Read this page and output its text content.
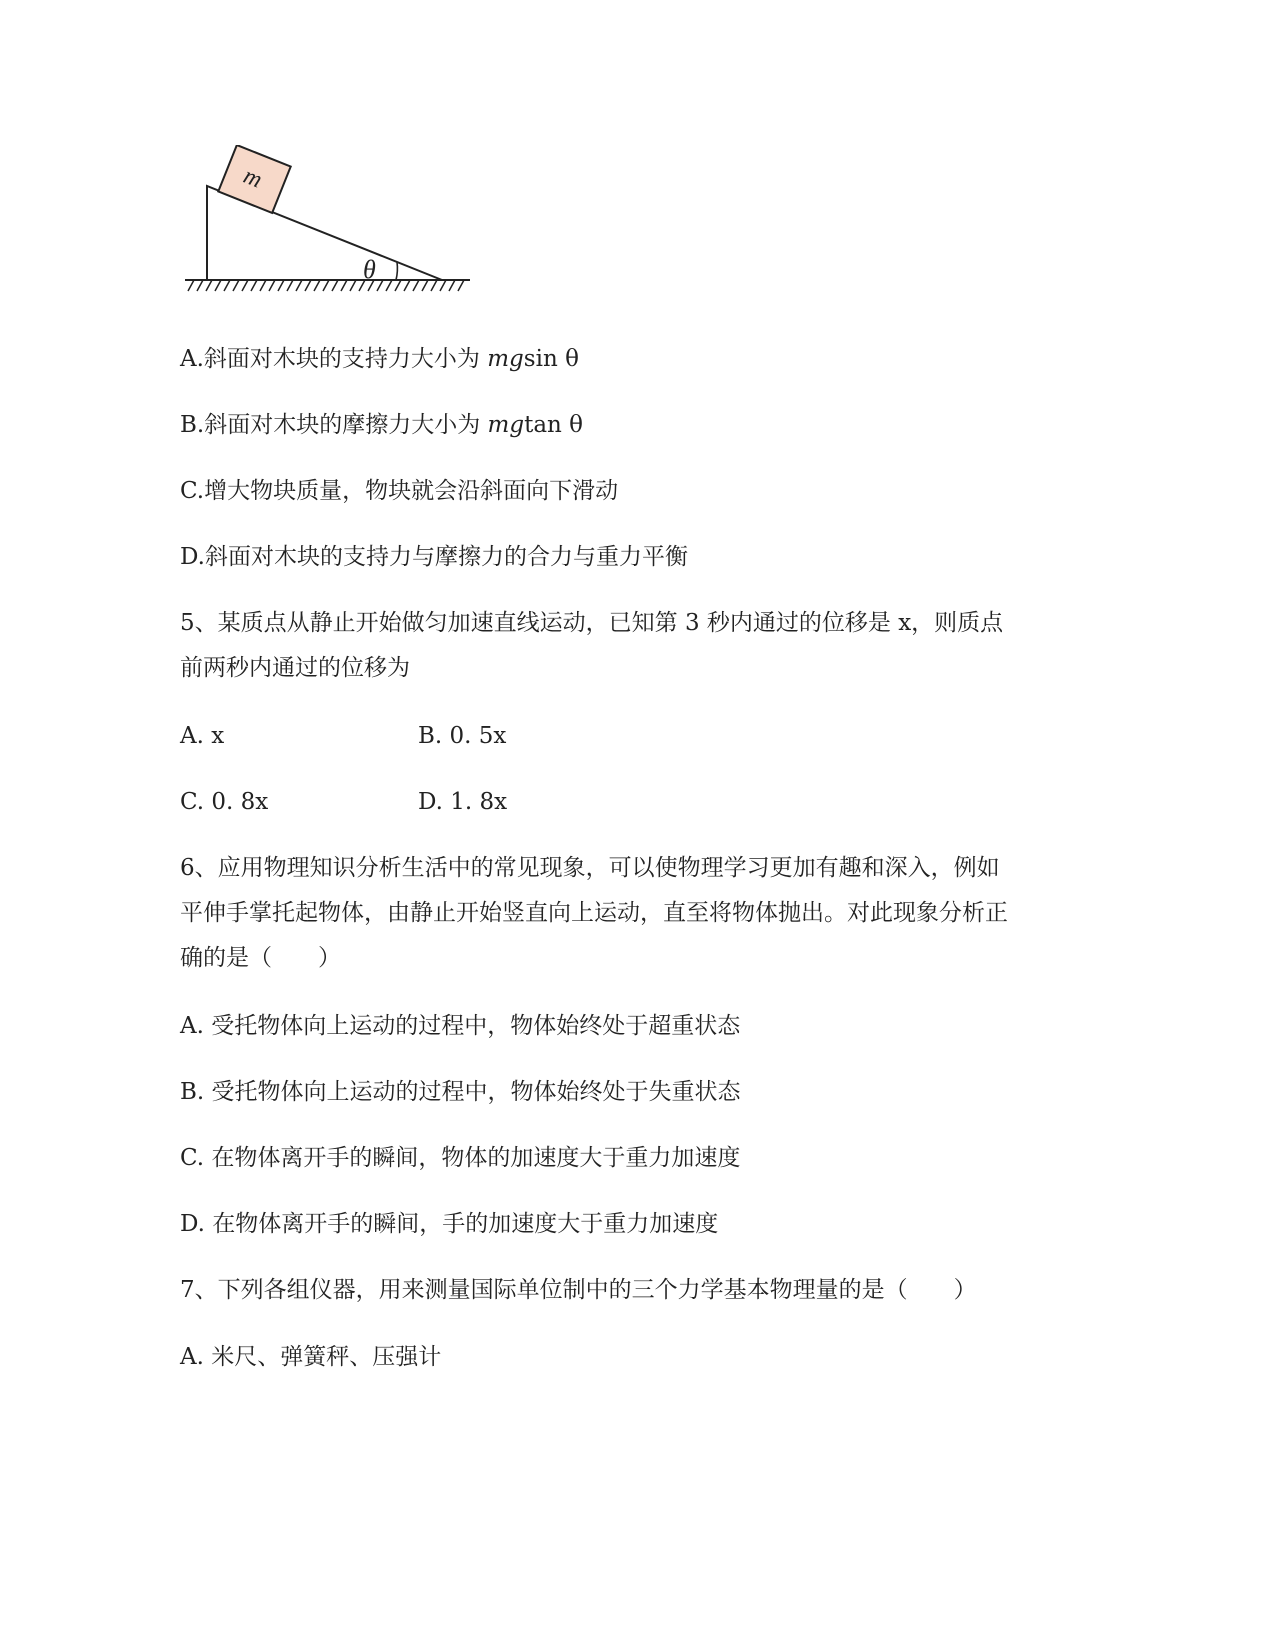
m
θ
A.斜面对木块的支持力大小为 mgsin θ
B.斜面对木块的摩擦力大小为 mgtan θ
C.增大物块质量，物块就会沿斜面向下滑动
D.斜面对木块的支持力与摩擦力的合力与重力平衡
5、某质点从静止开始做匀加速直线运动，已知第 3 秒内通过的位移是 x，则质点
前两秒内通过的位移为
A. x	B. 0. 5x
C. 0. 8x	D. 1. 8x
6、应用物理知识分析生活中的常见现象，可以使物理学习更加有趣和深入，例如
平伸手掌托起物体，由静止开始竖直向上运动，直至将物体抛出。对此现象分析正
确的是（　　）
A. 受托物体向上运动的过程中，物体始终处于超重状态
B. 受托物体向上运动的过程中，物体始终处于失重状态
C. 在物体离开手的瞬间，物体的加速度大于重力加速度
D. 在物体离开手的瞬间，手的加速度大于重力加速度
7、下列各组仪器，用来测量国际单位制中的三个力学基本物理量的是（　　）
A. 米尺、弹簧秤、压强计
